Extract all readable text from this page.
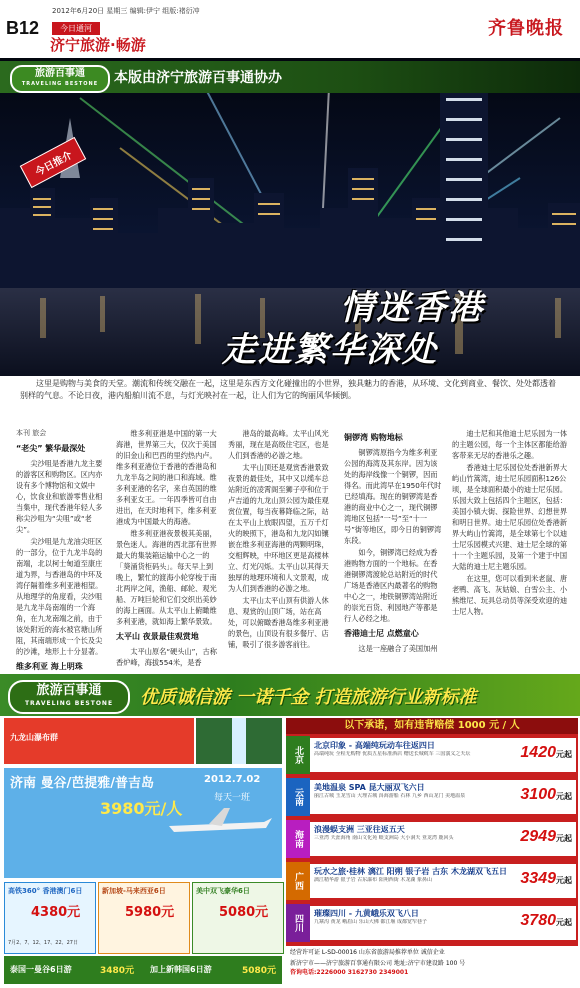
B12
2012年6月20日 星期三 编辑:伊宁 组版:褚衍冲
今日通河
济宁旅游·畅游
齐鲁晚报
旅游百事通
TRAVELING BESTONE	本版由济宁旅游百事通协办
今日推介
情迷香港
走进繁华深处
这里是购物与美食的天堂。潮流和传统交融在一起，这里是东西方文化碰撞出的小世界，独具魅力的香港，从环境、文化到商业、餐饮、处处都透着别样的气息。不论日夜，港内船舶川流不息，与灯光映衬在一起，让人们为它的绚丽风华倾倒。
本刊 旅会
“老尖” 繁华最深处

尖沙咀是香港九龙主要的游客区和购物区。区内亦设有多个博物馆和文娱中心，饮食业和旅游零售业相当集中，现代香港年轻人多称尖沙咀为“尖咀”或“老尖”。

尖沙咀是九龙油尖旺区的一部分，位于九龙半岛的南端，北以柯士甸道至康庄道为界，与香港岛的中环及湾仔隔着维多利亚港相望。从地理学的角度看，尖沙咀是九龙半岛南端的一个海角，在九龙南端之前，由于该处附近的海水被官塘山所阻，其南端形成一个长及尖的沙滩，地形上十分显著。

维多利亚 海上明珠

维多利亚港是中国的第一大海港，世界第三大，仅次于美国的旧金山和巴西的里约热内卢。维多利亚港位于香港的香港岛和九龙半岛之间的港口和海域。维多利亚港的名字，来自英国的维多利亚女王。一年四季皆可自由进出，在天时地利下，维多利亚港成为中国最大的海港。

维多利亚港夜景极其美丽，景色迷人。海港的西北部有世界最大的集装箱运输中心之一的「葵涌货柜码头」。每天早上到晚上，繁忙的渡海小轮穿梭于南北两岸之间，渔船、邮轮、观光船、万吨巨轮和它们交织出美妙的海上画面。从太平山上俯瞰维多利亚港，就如海上繁华景致。

太平山 夜景最佳观赏地

太平山原名“硬头山”，古称香炉峰，海拔554米，是香

港岛的最高峰。太平山风光秀丽，现在是高级住宅区，也是人们到香港的必游之地。

太平山顶还是观赏香港景致夜景的最佳处，其中又以缆车总站附近的凌霄阁至狮子亭和位于卢吉道的九龙山顶公园为最佳观赏位置，每当夜幕降临之际，站在太平山上放眼四望，五万千灯火的映照下，港岛和九龙闪如镶嵌在维多利亚海港的两颗明珠，交相辉映，中环地区更是高楼林立、灯光闪烁。太平山以其得天独厚的地理环境和人文景观，成为人们到香港的必游之地。

太平山太平山顶有供游人休息、观赏的山顶广场，站在高处，可以俯瞰香港岛维多利亚港的景色，山顶设有很多餐厅、店铺，吸引了很多游客前往。

铜锣湾 购物地标

铜锣湾原指今为维多利亚公园的海湾及其东岸。因为该处的海岸线像一个铜锣，因而得名。而此湾早在1950年代时已经填海。现在的铜锣湾是香港的商业中心之一，现代铜锣湾地区包括“一号”至“十一号”街等地区，即今日的铜锣湾东段。

如今，铜锣湾已经成为香港购物方面的一个地标。在香港铜锣湾渡轮总站附近的时代广场是香港区内最著名的购物中心之一，地铁铜锣湾站附近的崇光百货、利园地产等都是行人必经之地。

香港迪士尼 点燃童心

这是一座融合了美国加州

迪士尼和其他迪士尼乐园为一体的主题公园，每一个主体区都能给游客带来无尽的香港乐之趣。

香港迪士尼乐园位处香港新界大屿山竹篙湾，迪士尼乐园面积126公顷，是全球面积最小的迪士尼乐园。乐园大致上包括四个主题区，包括：美国小镇大街、探险世界、幻想世界和明日世界。迪士尼乐园位处香港新界大屿山竹篙湾，是全球第七个以迪士尼乐园模式兴建、迪士尼全球的第十一个主题乐园，及第一个建于中国大陆的迪士尼主题乐园。

在这里，您可以看到米老鼠、唐老鸭、高飞、灰姑娘、白雪公主、小熊维尼、玩具总动员等深受欢迎的迪士尼人物。

旅游百事通
TRAVELING BESTONE	优质诚信游 一诺千金 打造旅游行业新标准
九龙山瀑布群
济南 曼谷/芭提雅/普吉岛	2012.7.02
每天一班
3980元/人
高铁360° 香港澳门6日
4380元
7月2、7、12、17、22、27日
新加坡-马来西亚6日
5980元
美中双飞豪华6日
5080元
泰国一曼谷6日游	3480元 加上新韩国6日游	5080元
以下承诺，如有违背赔偿 1000 元 / 人
经营许可证 L-SD-00016 山东省旅游局推荐单位 诚信企业
新济宁市——济宁旅游百事通有限公司 地址:济宁市建设路 100 号
咨询电话:2226000 3162730 2349001
北京
北京印象 - 高端纯玩动车往返四日
高端纯玩 全程无购物 优质五星标准酒店 赠送长城缆车 三国演义之天坛	1420元起
云南
美地温泉 SPA 昆大丽双飞六日
丽江古城 玉龙雪山 大理古城 洱海游船 石林 九乡 西山龙门 美地温泉	3100元起
海南
浪漫蜈支洲 三亚往返五天
三亚湾 天涯海角 南山文化苑 蜈支洲岛 大小洞天 亚龙湾 鹿回头	2949元起
广西
玩水之旅·桂林 漓江 阳朔 银子岩 古东 木龙湖双飞五日
漓江精华游 银子岩 古东瀑布 阳朔西街 木龙湖 象鼻山	3349元起
四川
璀璨四川 - 九黄峨乐双飞八日
九寨沟 黄龙 峨眉山 乐山大佛 都江堰 成都宽窄巷子	3780元起
